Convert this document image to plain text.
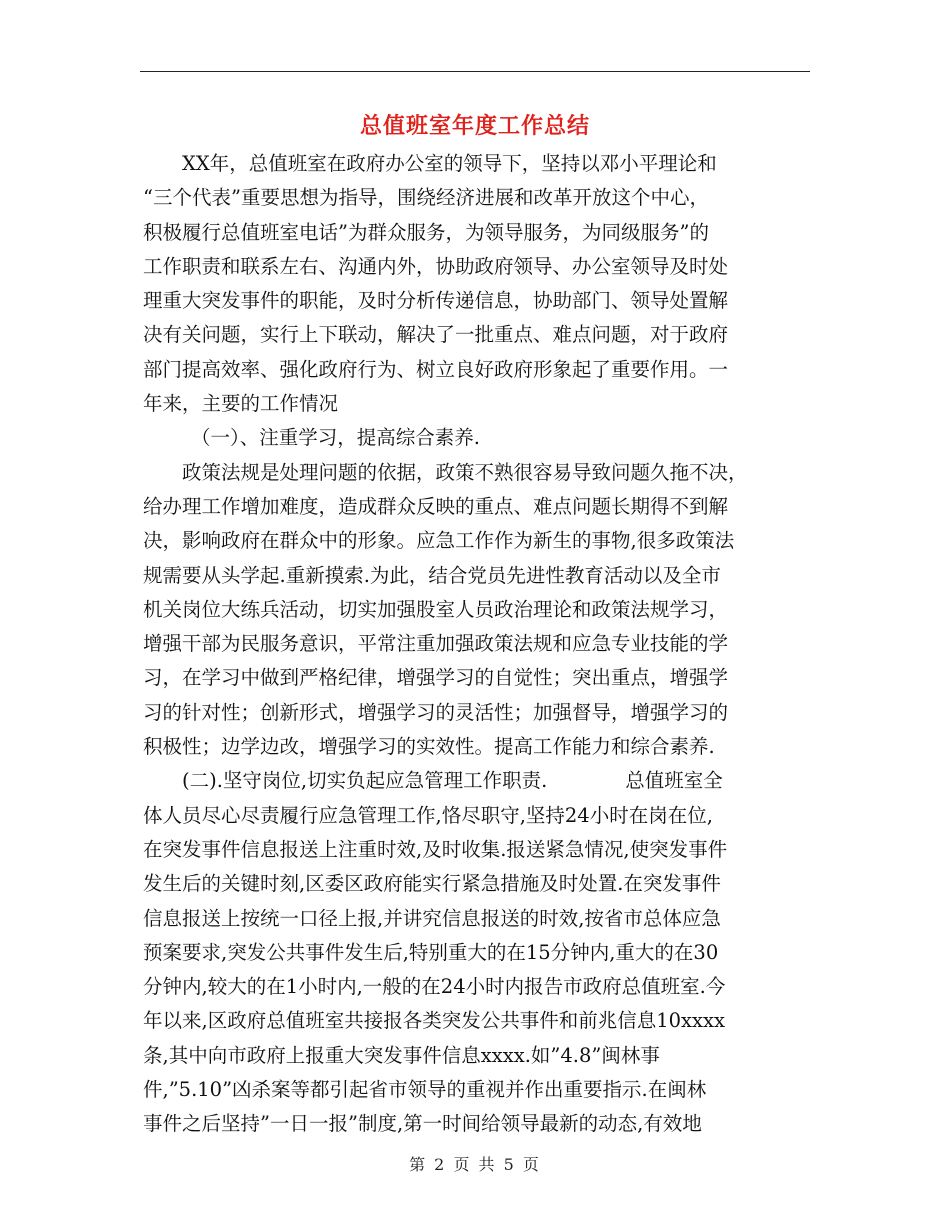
总值班室年度工作总结
XX年，总值班室在政府办公室的领导下，坚持以邓小平理论和
“三个代表”重要思想为指导，围绕经济进展和改革开放这个中心，
积极履行总值班室电话”为群众服务，为领导服务，为同级服务”的
工作职责和联系左右、沟通内外，协助政府领导、办公室领导及时处
理重大突发事件的职能，及时分析传递信息，协助部门、领导处置解
决有关问题，实行上下联动，解决了一批重点、难点问题，对于政府
部门提高效率、强化政府行为、树立良好政府形象起了重要作用。一
年来，主要的工作情况
（一）、注重学习，提高综合素养.
政策法规是处理问题的依据，政策不熟很容易导致问题久拖不决，
给办理工作增加难度，造成群众反映的重点、难点问题长期得不到解
决，影响政府在群众中的形象。应急工作作为新生的事物,很多政策法
规需要从头学起.重新摸索.为此，结合党员先进性教育活动以及全市
机关岗位大练兵活动，切实加强股室人员政治理论和政策法规学习，
增强干部为民服务意识，平常注重加强政策法规和应急专业技能的学
习，在学习中做到严格纪律，增强学习的自觉性；突出重点，增强学
习的针对性；创新形式，增强学习的灵活性；加强督导，增强学习的
积极性；边学边改，增强学习的实效性。提高工作能力和综合素养.
(二).坚守岗位,切实负起应急管理工作职责.　　　　总值班室全
体人员尽心尽责履行应急管理工作,恪尽职守,坚持24小时在岗在位,
在突发事件信息报送上注重时效,及时收集.报送紧急情况,使突发事件
发生后的关键时刻,区委区政府能实行紧急措施及时处置.在突发事件
信息报送上按统一口径上报,并讲究信息报送的时效,按省市总体应急
预案要求,突发公共事件发生后,特别重大的在15分钟内,重大的在30
分钟内,较大的在1小时内,一般的在24小时内报告市政府总值班室.今
年以来,区政府总值班室共接报各类突发公共事件和前兆信息10xxxx
条,其中向市政府上报重大突发事件信息xxxx.如”4.8”闽林事
件,”5.10”凶杀案等都引起省市领导的重视并作出重要指示.在闽林
事件之后坚持”一日一报”制度,第一时间给领导最新的动态,有效地
第 2 页 共 5 页
